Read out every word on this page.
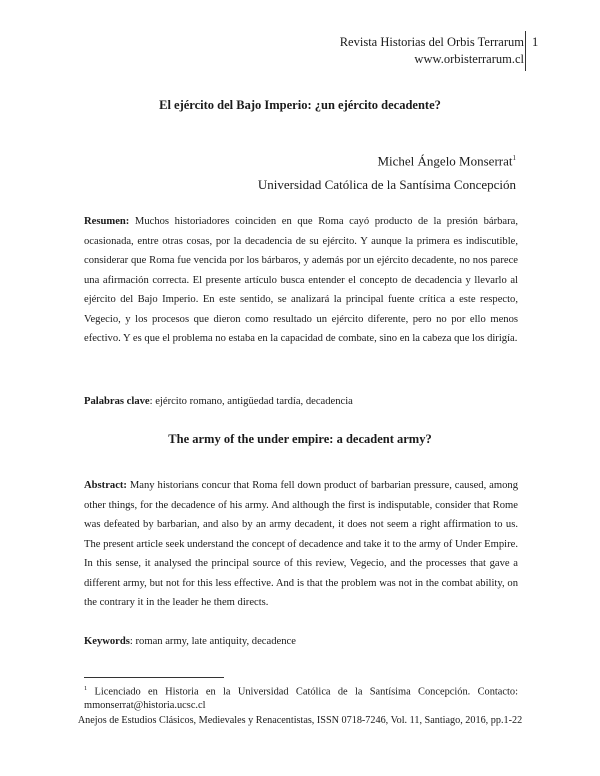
Revista Historias del Orbis Terrarum
www.orbisterrarum.cl
1
El ejército del Bajo Imperio: ¿un ejército decadente?
Michel Ángelo Monserrat$^1$
Universidad Católica de la Santísima Concepción
Resumen: Muchos historiadores coinciden en que Roma cayó producto de la presión bárbara, ocasionada, entre otras cosas, por la decadencia de su ejército. Y aunque la primera es indiscutible, considerar que Roma fue vencida por los bárbaros, y además por un ejército decadente, no nos parece una afirmación correcta. El presente artículo busca entender el concepto de decadencia y llevarlo al ejército del Bajo Imperio. En este sentido, se analizará la principal fuente crítica a este respecto, Vegecio, y los procesos que dieron como resultado un ejército diferente, pero no por ello menos efectivo. Y es que el problema no estaba en la capacidad de combate, sino en la cabeza que los dirigía.
Palabras clave: ejército romano, antigüedad tardía, decadencia
The army of the under empire: a decadent army?
Abstract: Many historians concur that Roma fell down product of barbarian pressure, caused, among other things, for the decadence of his army. And although the first is indisputable, consider that Rome was defeated by barbarian, and also by an army decadent, it does not seem a right affirmation to us. The present article seek understand the concept of decadence and take it to the army of Under Empire. In this sense, it analysed the principal source of this review, Vegecio, and the processes that gave a different army, but not for this less effective. And is that the problem was not in the combat ability, on the contrary it in the leader he them directs.
Keywords: roman army, late antiquity, decadence
$^1$ Licenciado en Historia en la Universidad Católica de la Santísima Concepción. Contacto: mmonserrat@historia.ucsc.cl
Anejos de Estudios Clásicos, Medievales y Renacentistas, ISSN 0718-7246, Vol. 11, Santiago, 2016, pp.1-22
